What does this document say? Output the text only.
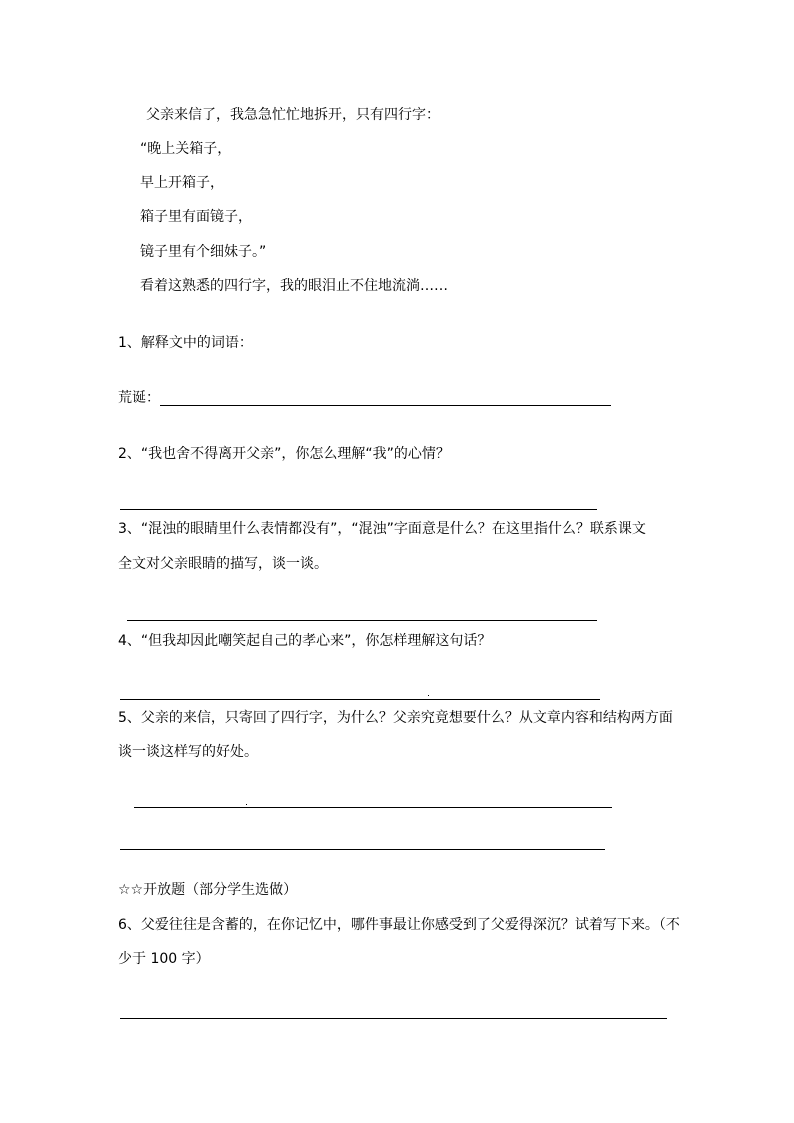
父亲来信了，我急急忙忙地拆开，只有四行字：
“晚上关箱子，
早上开箱子，
箱子里有面镜子，
镜子里有个细妹子。”
看着这熟悉的四行字，我的眼泪止不住地流淌……
1、解释文中的词语：
荒诞：
2、“我也舍不得离开父亲”，你怎么理解“我”的心情？
3、“混浊的眼睛里什么表情都没有”，“混浊”字面意是什么？在这里指什么？联系课文
全文对父亲眼睛的描写，谈一谈。
4、“但我却因此嘲笑起自己的孝心来”，你怎样理解这句话？
5、父亲的来信，只寄回了四行字，为什么？父亲究竟想要什么？从文章内容和结构两方面
谈一谈这样写的好处。
☆☆开放题（部分学生选做）
6、父爱往往是含蓄的，在你记忆中，哪件事最让你感受到了父爱得深沉？试着写下来。（不
少于 100 字）
